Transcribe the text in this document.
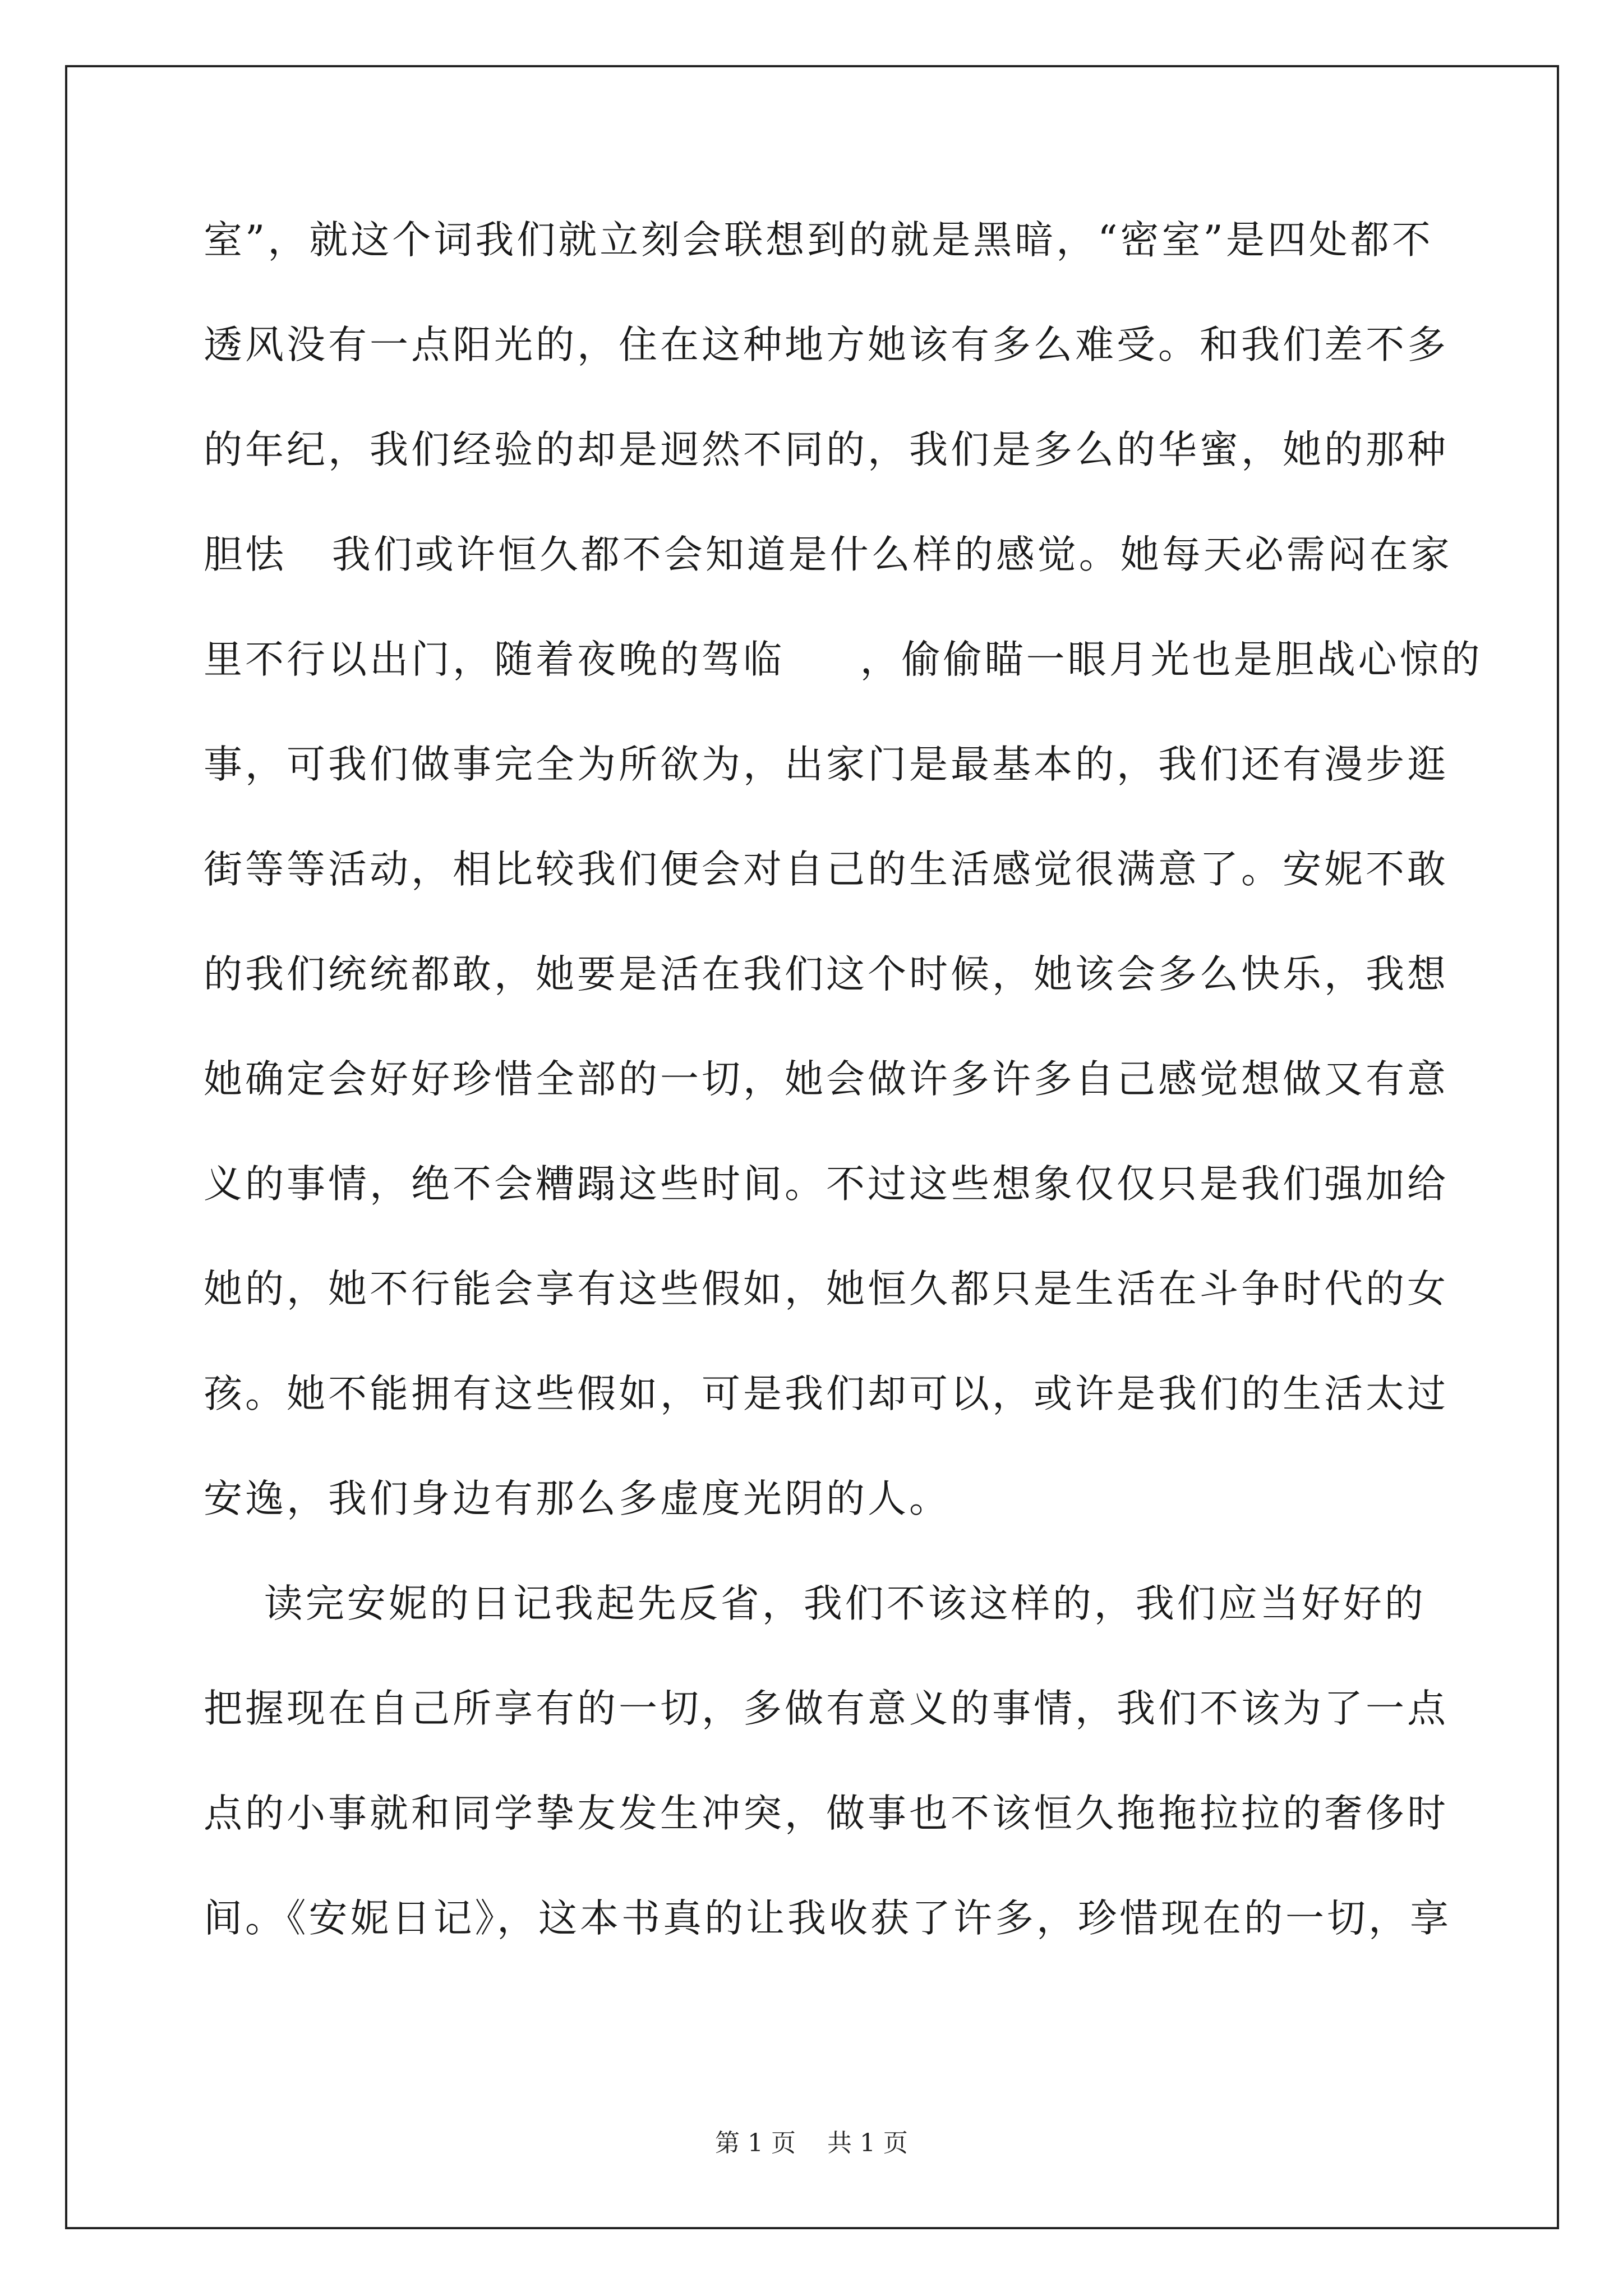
室”，就这个词我们就立刻会联想到的就是黑暗，“密室”是四处都不
透风没有一点阳光的，住在这种地方她该有多么难受。和我们差不多
的年纪，我们经验的却是迥然不同的，我们是多么的华蜜，她的那种
胆怯   我们或许恒久都不会知道是什么样的感觉。她每天必需闷在家
里不行以出门，随着夜晚的驾临     ，偷偷瞄一眼月光也是胆战心惊的
事，可我们做事完全为所欲为，出家门是最基本的，我们还有漫步逛
街等等活动，相比较我们便会对自己的生活感觉很满意了。安妮不敢
的我们统统都敢，她要是活在我们这个时候，她该会多么快乐，我想
她确定会好好珍惜全部的一切，她会做许多许多自己感觉想做又有意
义的事情，绝不会糟蹋这些时间。不过这些想象仅仅只是我们强加给
她的，她不行能会享有这些假如，她恒久都只是生活在斗争时代的女
孩。她不能拥有这些假如，可是我们却可以，或许是我们的生活太过
安逸，我们身边有那么多虚度光阴的人。
读完安妮的日记我起先反省，我们不该这样的，我们应当好好的
把握现在自己所享有的一切，多做有意义的事情，我们不该为了一点
点的小事就和同学挚友发生冲突，做事也不该恒久拖拖拉拉的奢侈时
间。《安妮日记》，这本书真的让我收获了许多，珍惜现在的一切，享
第 1 页    共 1 页
